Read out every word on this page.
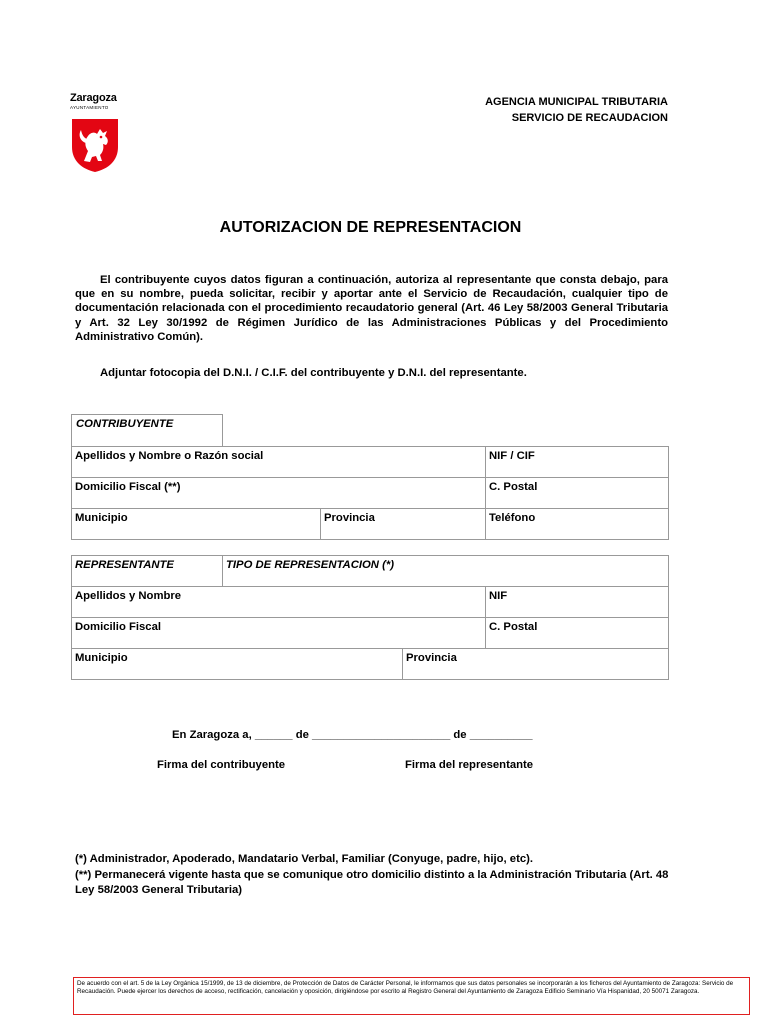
Zaragoza
AYUNTAMIENTO	AGENCIA MUNICIPAL TRIBUTARIA
SERVICIO DE RECAUDACION
AUTORIZACION DE REPRESENTACION
El contribuyente cuyos datos figuran a continuación, autoriza al representante que consta debajo, para que en su nombre, pueda solicitar, recibir y aportar ante el Servicio de Recaudación, cualquier tipo de documentación relacionada con el procedimiento recaudatorio general (Art. 46 Ley 58/2003 General Tributaria y Art. 32 Ley 30/1992 de Régimen Jurídico de las Administraciones Públicas y del Procedimiento Administrativo Común).
Adjuntar fotocopia del D.N.I. / C.I.F. del contribuyente y D.N.I. del representante.
CONTRIBUYENTE
Apellidos y Nombre o Razón social	NIF / CIF
Domicilio Fiscal (**)	C. Postal
Municipio	Provincia	Teléfono
REPRESENTANTE	TIPO DE REPRESENTACION (*)
Apellidos y Nombre	NIF
Domicilio Fiscal	C. Postal
Municipio	Provincia
En Zaragoza a, ______ de ______________________ de __________
Firma del contribuyente	Firma del representante
(*) Administrador, Apoderado, Mandatario Verbal, Familiar (Conyuge, padre, hijo, etc).
(**) Permanecerá vigente hasta que se comunique otro domicilio distinto a la Administración Tributaria (Art. 48 Ley 58/2003 General Tributaria)
De acuerdo con el art. 5 de la Ley Orgánica 15/1999, de 13 de diciembre, de Protección de Datos de Carácter Personal, le informamos que sus datos personales se incorporarán a los ficheros del Ayuntamiento de Zaragoza: Servicio de Recaudación. Puede ejercer los derechos de acceso, rectificación, cancelación y oposición, dirigiéndose por escrito al Registro General del Ayuntamiento de Zaragoza Edificio Seminario Vía Hispanidad, 20 50071 Zaragoza.
